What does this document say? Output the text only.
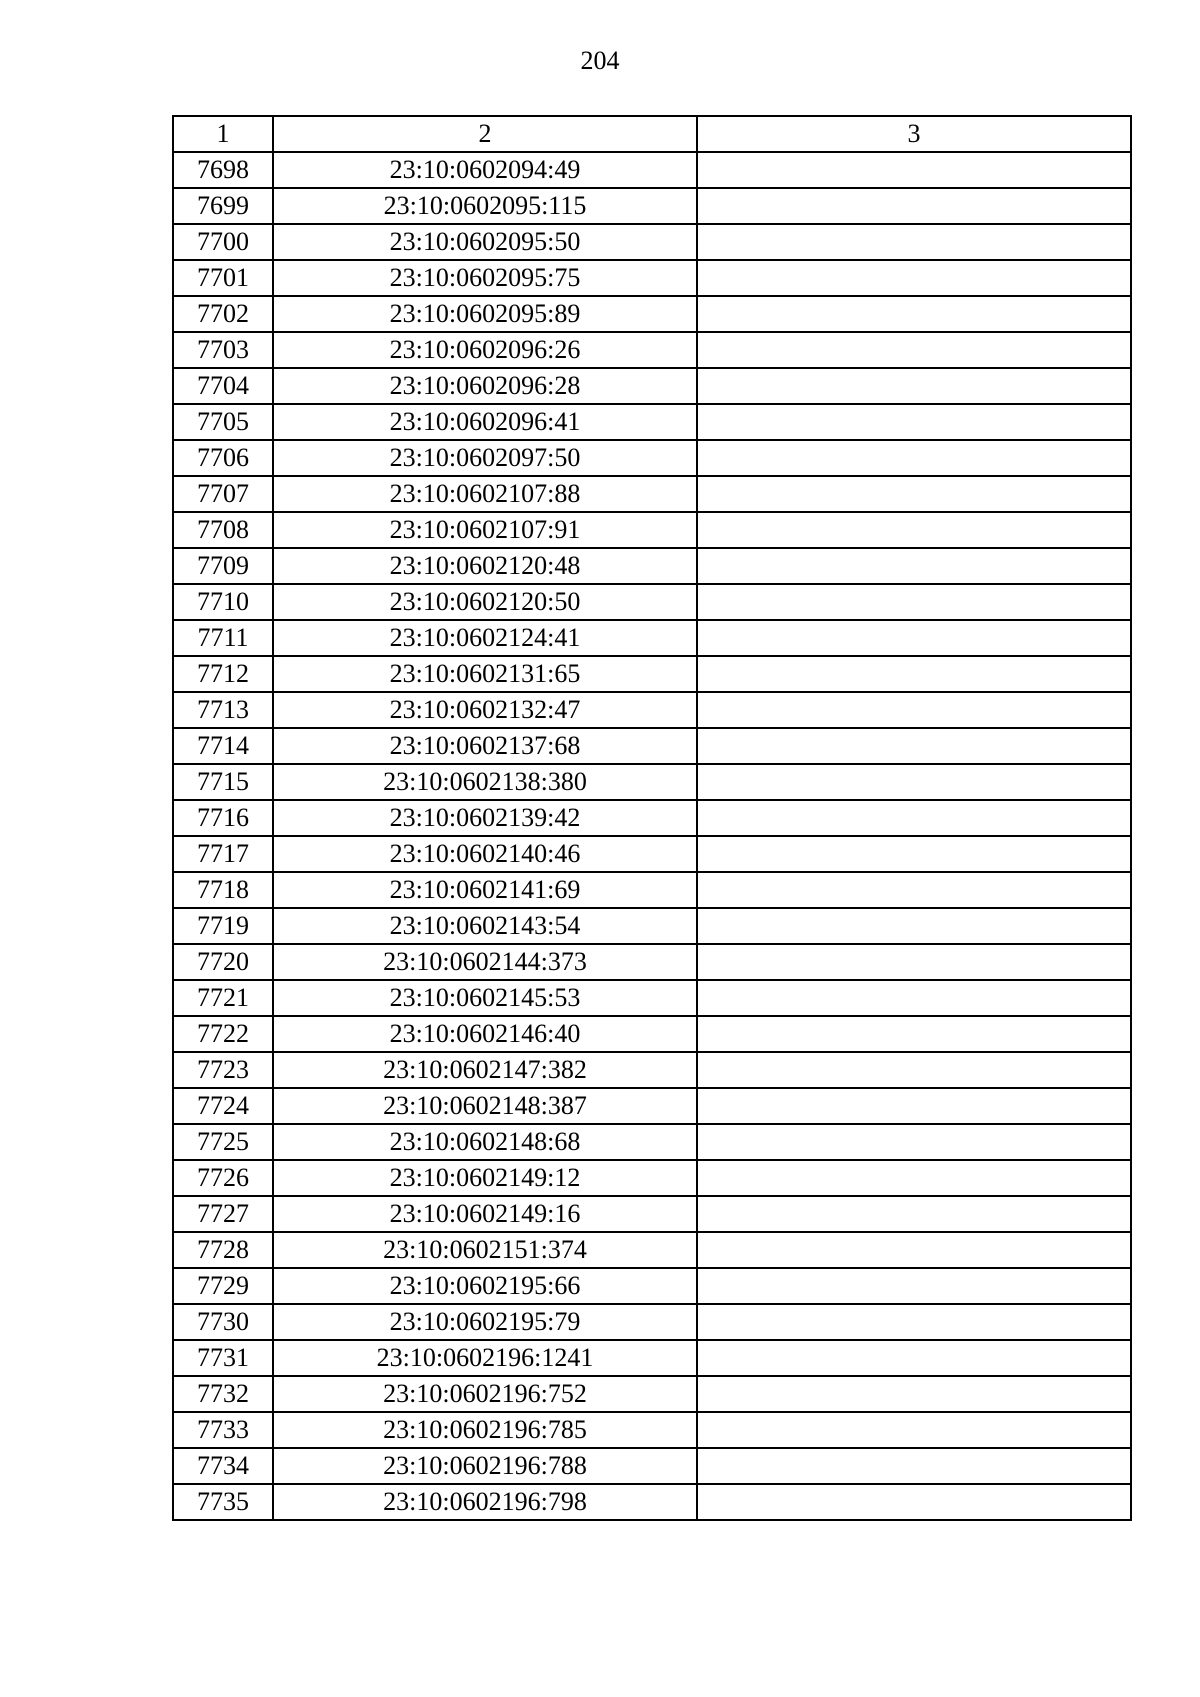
204
1	2	3
7698	23:10:0602094:49	
7699	23:10:0602095:115	
7700	23:10:0602095:50	
7701	23:10:0602095:75	
7702	23:10:0602095:89	
7703	23:10:0602096:26	
7704	23:10:0602096:28	
7705	23:10:0602096:41	
7706	23:10:0602097:50	
7707	23:10:0602107:88	
7708	23:10:0602107:91	
7709	23:10:0602120:48	
7710	23:10:0602120:50	
7711	23:10:0602124:41	
7712	23:10:0602131:65	
7713	23:10:0602132:47	
7714	23:10:0602137:68	
7715	23:10:0602138:380	
7716	23:10:0602139:42	
7717	23:10:0602140:46	
7718	23:10:0602141:69	
7719	23:10:0602143:54	
7720	23:10:0602144:373	
7721	23:10:0602145:53	
7722	23:10:0602146:40	
7723	23:10:0602147:382	
7724	23:10:0602148:387	
7725	23:10:0602148:68	
7726	23:10:0602149:12	
7727	23:10:0602149:16	
7728	23:10:0602151:374	
7729	23:10:0602195:66	
7730	23:10:0602195:79	
7731	23:10:0602196:1241	
7732	23:10:0602196:752	
7733	23:10:0602196:785	
7734	23:10:0602196:788	
7735	23:10:0602196:798	
